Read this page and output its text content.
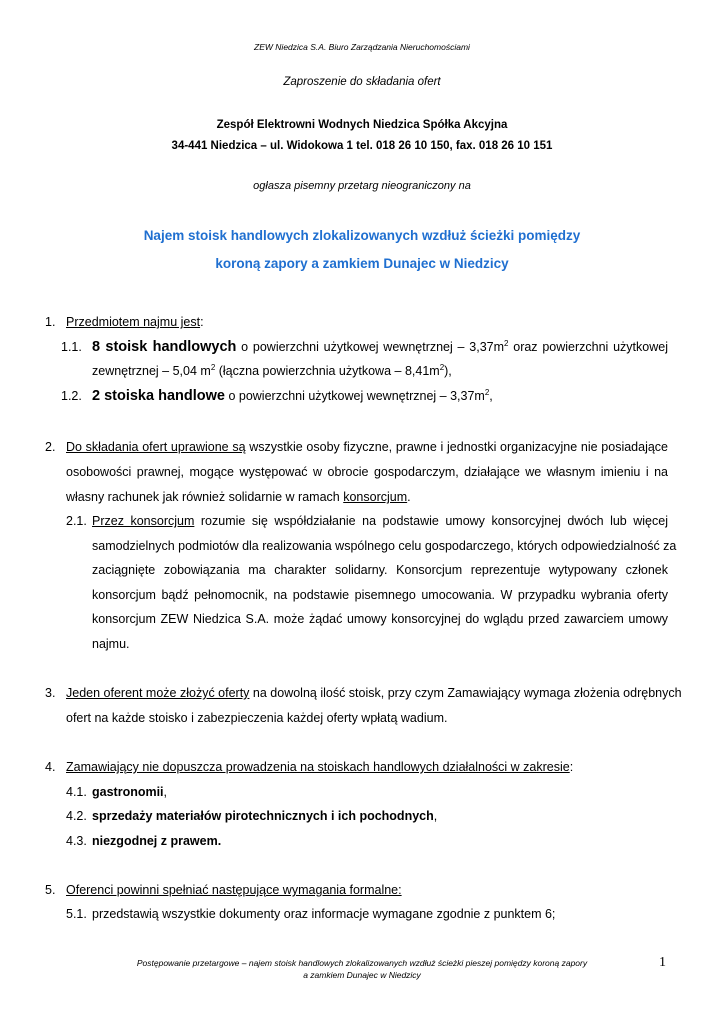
ZEW Niedzica S.A. Biuro Zarządzania Nieruchomościami
Zaproszenie do składania ofert
Zespół Elektrowni Wodnych Niedzica Spółka Akcyjna
34-441 Niedzica – ul. Widokowa 1 tel. 018 26 10 150, fax. 018 26 10 151
ogłasza pisemny przetarg nieograniczony na
Najem stoisk handlowych zlokalizowanych wzdłuż ścieżki pomiędzy
koroną zapory a zamkiem Dunajec w Niedzicy
1. Przedmiotem najmu jest:
1.1. 8 stoisk handlowych o powierzchni użytkowej wewnętrznej – $3,37m^2$ oraz powierzchni użytkowej
zewnętrznej – 5,04 $m^2$ (łączna powierzchnia użytkowa – $8,41m^2$),
1.2. 2 stoiska handlowe o powierzchni użytkowej wewnętrznej – $3,37m^2$,
2. Do składania ofert uprawione są wszystkie osoby fizyczne, prawne i jednostki organizacyjne nie posiadające
osobowości prawnej, mogące występować w obrocie gospodarczym, działające we własnym imieniu i na
własny rachunek jak również solidarnie w ramach konsorcjum.
2.1. Przez konsorcjum rozumie się współdziałanie na podstawie umowy konsorcyjnej dwóch lub więcej
samodzielnych podmiotów dla realizowania wspólnego celu gospodarczego, których odpowiedzialność za
zaciągnięte zobowiązania ma charakter solidarny. Konsorcjum reprezentuje wytypowany członek
konsorcjum bądź pełnomocnik, na podstawie pisemnego umocowania. W przypadku wybrania oferty
konsorcjum ZEW Niedzica S.A. może żądać umowy konsorcyjnej do wglądu przed zawarciem umowy
najmu.
3. Jeden oferent może złożyć oferty na dowolną ilość stoisk, przy czym Zamawiający wymaga złożenia odrębnych
ofert na każde stoisko i zabezpieczenia każdej oferty wpłatą wadium.
4. Zamawiający nie dopuszcza prowadzenia na stoiskach handlowych działalności w zakresie:
4.1. gastronomii,
4.2. sprzedaży materiałów pirotechnicznych i ich pochodnych,
4.3. niezgodnej z prawem.
5. Oferenci powinni spełniać następujące wymagania formalne:
5.1. przedstawią wszystkie dokumenty oraz informacje wymagane zgodnie z punktem 6;
Postępowanie przetargowe – najem stoisk handlowych zlokalizowanych wzdłuż ścieżki pieszej pomiędzy koroną zapory
a zamkiem Dunajec w Niedzicy
1
